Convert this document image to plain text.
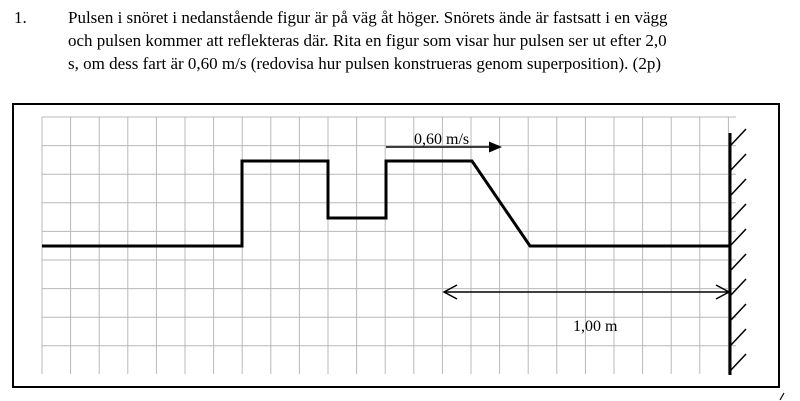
1. Pulsen i snöret i nedanstående figur är på väg åt höger. Snörets ände är fastsatt i en vägg
och pulsen kommer att reflekteras där. Rita en figur som visar hur pulsen ser ut efter 2,0
s, om dess fart är 0,60 m/s (redovisa hur pulsen konstrueras genom superposition). (2p)
0,60 m/s
1,00 m
